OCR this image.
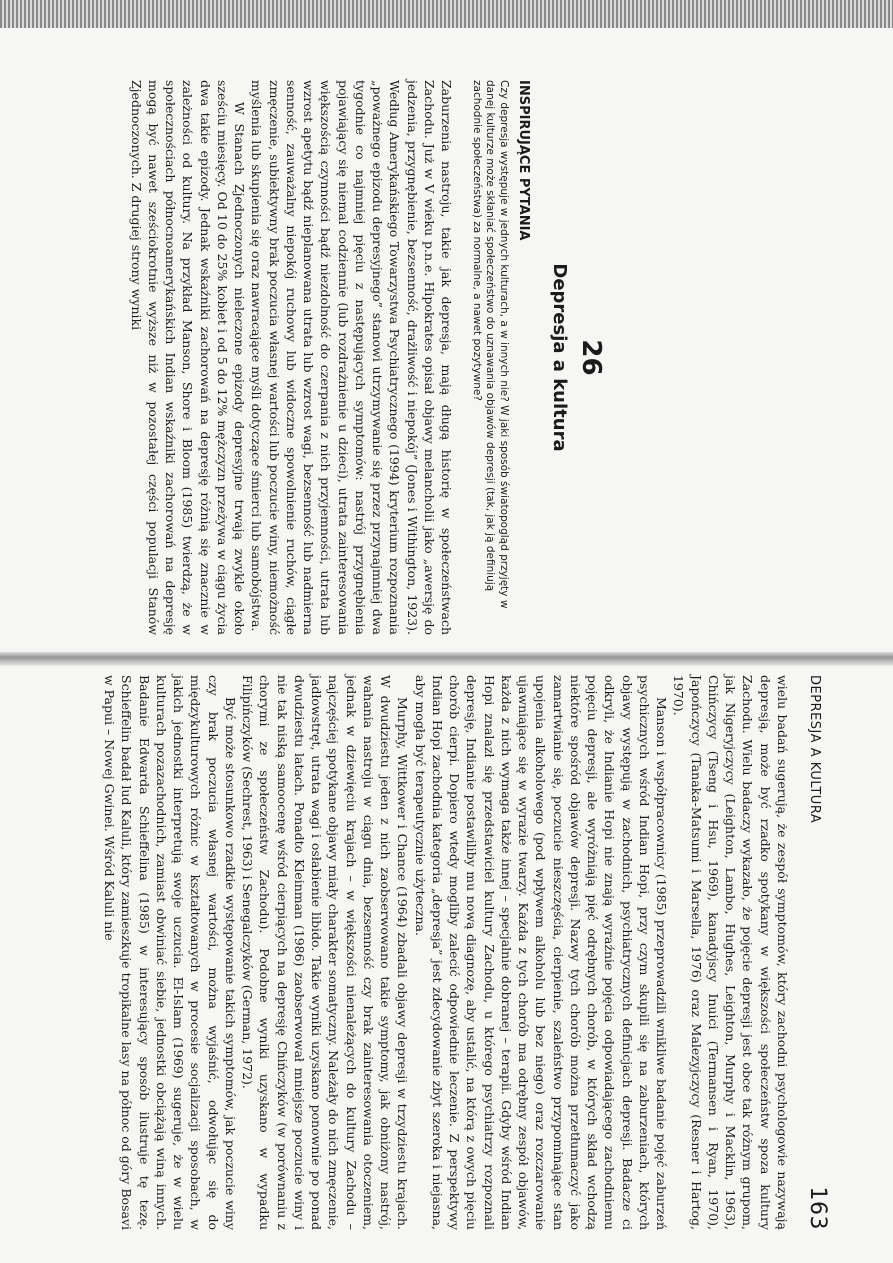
26
Depresja a kultura
INSPIRUJĄCE PYTANIA
Czy depresja występuje w jednych kulturach, a w innych nie? W jaki sposób światopogląd przyjęty w danej kulturze może skłaniać społeczeństwo do uznawania objawów depresji (tak, jak ją definiują zachodnie społeczeństwa) za normalne, a nawet pozytywne?

Zaburzenia nastroju, takie jak depresja, mają długą historię w społeczeństwach Zachodu. Już w V wieku p.n.e. Hipokrates opisał objawy melancholii jako „awersję do jedzenia, przygnębienie, bezsenność, drażliwość i niepokój” (Jones i Withington, 1923). Według Amerykańskiego Towarzystwa Psychiatrycznego (1994) kryterium rozpoznania „poważnego epizodu depresyjnego” stanowi utrzymywanie się przez przynajmniej dwa tygodnie co najmniej pięciu z następujących symptomów: nastrój przygnębienia pojawiający się niemal codziennie (lub rozdrażnienie u dzieci), utrata zainteresowania większością czynności bądź niezdolność do czerpania z nich przyjemności, utrata lub wzrost apetytu bądź nieplanowana utrata lub wzrost wagi, bezsenność lub nadmierna senność, zauważalny niepokój ruchowy lub widoczne spowolnienie ruchów, ciągłe zmęczenie, subiektywny brak poczucia własnej wartości lub poczucie winy, niemożność myślenia lub skupienia się oraz nawracające myśli dotyczące śmierci lub samobójstwa.

W Stanach Zjednoczonych nieleczone epizody depresyjne trwają zwykle około sześciu miesięcy. Od 10 do 25% kobiet i od 5 do 12% mężczyzn przeżywa w ciągu życia dwa takie epizody. Jednak wskaźniki zachorowań na depresję różnią się znacznie w zależności od kultury. Na przykład Manson, Shore i Bloom (1985) twierdzą, że w społecznościach północnoamerykańskich Indian wskaźniki zachorowań na depresję mogą być nawet sześciokrotnie wyższe niż w pozostałej części populacji Stanów Zjednoczonych. Z drugiej strony wyniki

DEPRESJA A KULTURA
163

wielu badań sugerują, że zespół symptomów, który zachodni psychologowie nazywają depresją, może być rzadko spotykany w większości społeczeństw spoza kultury Zachodu. Wielu badaczy wykazało, że pojęcie depresji jest obce tak różnym grupom, jak Nigeryjczycy (Leighton, Lambo, Hughes, Leighton, Murphy i Macklin, 1963), Chińczycy (Tseng i Hsu, 1969), kanadyjscy Inuici (Termansen i Ryan, 1970), Japończycy (Tanaka-Matsumi i Marsella, 1976) oraz Malezyjczycy (Resner i Hartog, 1970).

Manson i współpracownicy (1985) przeprowadzili wnikliwe badanie pojęć zaburzeń psychicznych wśród Indian Hopi, przy czym skupili się na zaburzeniach, których objawy występują w zachodnich, psychiatrycznych definicjach depresji. Badacze ci odkryli, że Indianie Hopi nie znają wyraźnie pojęcia odpowiadającego zachodniemu pojęciu depresji, ale wyróżniają pięć odrębnych chorób, w których skład wchodzą niektóre spośród objawów depresji. Nazwy tych chorób można przetłumaczyć jako zamartwianie się, poczucie nieszczęścia, cierpienie, szaleństwo przypominające stan upojenia alkoholowego (pod wpływem alkoholu lub bez niego) oraz rozczarowanie ujawniające się w wyrazie twarzy. Każda z tych chorób ma odrębny zespół objawów, każda z nich wymaga także innej – specjalnie dobranej – terapii. Gdyby wśród Indian Hopi znalazł się przedstawiciel kultury Zachodu, u którego psychiatrzy rozpoznali depresję, Indianie postawiliby mu nową diagnozę, aby ustalić, na którą z owych pięciu chorób cierpi. Dopiero wtedy mogliby zalecić odpowiednie leczenie. Z perspektywy Indian Hopi zachodnia kategoria „depresja” jest zdecydowanie zbyt szeroka i niejasna, aby mogła być terapeutycznie użyteczna.

Murphy, Wittkower i Chance (1964) zbadali objawy depresji w trzydziestu krajach. W dwudziestu jeden z nich zaobserwowano takie symptomy, jak obniżony nastrój, wahania nastroju w ciągu dnia, bezsenność czy brak zainteresowania otoczeniem, jednak w dziewięciu krajach – w większości nienależących do kultury Zachodu – najczęściej spotykane objawy miały charakter somatyczny. Należały do nich zmęczenie, jadłowstręt, utrata wagi i osłabienie libido. Takie wyniki uzyskano ponownie po ponad dwudziestu latach. Ponadto Kleinman (1986) zaobserwował mniejsze poczucie winy i nie tak niską samoocenę wśród cierpiących na depresję Chińczyków (w porównaniu z chorymi ze społeczeństw Zachodu). Podobne wyniki uzyskano w wypadku Filipińczyków (Sechrest, 1963) i Senegalczyków (German, 1972).

Być może stosunkowo rzadkie występowanie takich symptomów, jak poczucie winy czy brak poczucia własnej wartości, można wyjaśnić, odwołując się do międzykulturowych różnic w kształtowanych w procesie socjalizacji sposobach, w jakich jednostki interpretują swoje uczucia. El-Islam (1969) sugeruje, że w wielu kulturach pozazachodnich, zamiast obwiniać siebie, jednostki obciążają winą innych. Badanie Edwarda Schieffelina (1985) w interesujący sposób ilustruje tę tezę. Schieffelin badał lud Kaluli, który zamieszkuje tropikalne lasy na północ od góry Bosavi w Papui – Nowej Gwinei. Wśród Kaluli nie
